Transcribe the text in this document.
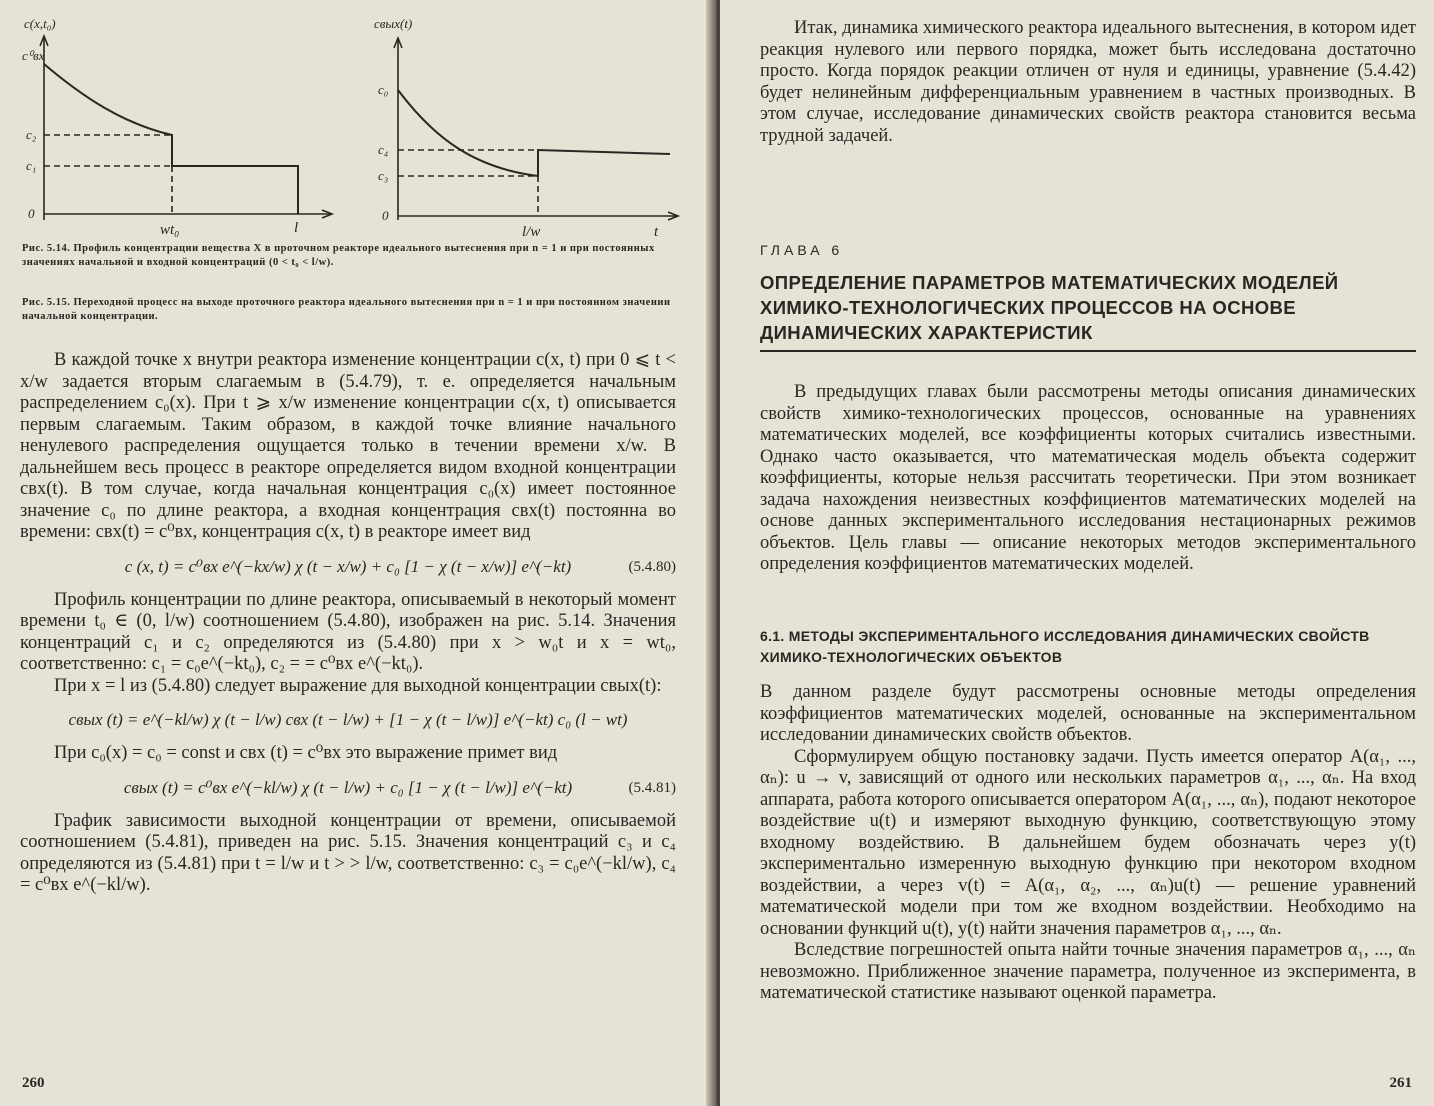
c(x,t₀)
c⁰вх
c₂
c₁
0
wt₀	l
cвых(t)
c₀
c₄
c₃
0
l/w	t

Рис. 5.14. Профиль концентрации вещества X в проточном реакторе идеального вытеснения при n = 1 и при постоянных значениях начальной и входной концентраций (0 < t₀ < l/w).

Рис. 5.15. Переходной процесс на выходе проточного реактора идеального вытеснения при n = 1 и при постоянном значении начальной концентрации.

В каждой точке x внутри реактора изменение концентрации c(x, t) при 0 ⩽ t < x/w задается вторым слагаемым в (5.4.79), т. е. определяется начальным распределением c₀(x). При t ⩾ x/w изменение концентрации c(x, t) описывается первым слагаемым. Таким образом, в каждой точке влияние начального ненулевого распределения ощущается только в течении времени x/w. В дальнейшем весь процесс в реакторе определяется видом входной концентрации cвх(t). В том случае, когда начальная концентрация c₀(x) имеет постоянное значение c₀ по длине реактора, а входная концентрация cвх(t) постоянна во времени: cвх(t) = c⁰вх, концентрация c(x, t) в реакторе имеет вид

c (x, t) = c⁰вх e^(−kx/w) χ (t − x/w) + c₀ [1 − χ (t − x/w)] e^(−kt)	(5.4.80)

Профиль концентрации по длине реактора, описываемый в некоторый момент времени t₀ ∈ (0, l/w) соотношением (5.4.80), изображен на рис. 5.14. Значения концентраций c₁ и c₂ определяются из (5.4.80) при x > w₀t и x = wt₀, соответственно: c₁ = c₀e^(−kt₀), c₂ = = c⁰вх e^(−kt₀).

При x = l из (5.4.80) следует выражение для выходной концентрации cвых(t):

cвых (t) = e^(−kl/w) χ (t − l/w) cвх (t − l/w) + [1 − χ (t − l/w)] e^(−kt) c₀ (l − wt)

При c₀(x) = c₀ = const и cвх (t) = c⁰вх это выражение примет вид

cвых (t) = c⁰вх e^(−kl/w) χ (t − l/w) + c₀ [1 − χ (t − l/w)] e^(−kt)	(5.4.81)

График зависимости выходной концентрации от времени, описываемой соотношением (5.4.81), приведен на рис. 5.15. Значения концентраций c₃ и c₄ определяются из (5.4.81) при t = l/w и t > > l/w, соответственно: c₃ = c₀e^(−kl/w), c₄ = c⁰вх e^(−kl/w).

260

Итак, динамика химического реактора идеального вытеснения, в котором идет реакция нулевого или первого порядка, может быть исследована достаточно просто. Когда порядок реакции отличен от нуля и единицы, уравнение (5.4.42) будет нелинейным дифференциальным уравнением в частных производных. В этом случае, исследование динамических свойств реактора становится весьма трудной задачей.

ГЛАВА 6
ОПРЕДЕЛЕНИЕ ПАРАМЕТРОВ МАТЕМАТИЧЕСКИХ МОДЕЛЕЙ ХИМИКО-ТЕХНОЛОГИЧЕСКИХ ПРОЦЕССОВ НА ОСНОВЕ ДИНАМИЧЕСКИХ ХАРАКТЕРИСТИК

В предыдущих главах были рассмотрены методы описания динамических свойств химико-технологических процессов, основанные на уравнениях математических моделей, все коэффициенты которых считались известными. Однако часто оказывается, что математическая модель объекта содержит коэффициенты, которые нельзя рассчитать теоретически. При этом возникает задача нахождения неизвестных коэффициентов математических моделей на основе данных экспериментального исследования нестационарных режимов объектов. Цель главы — описание некоторых методов экспериментального определения коэффициентов математических моделей.

6.1. МЕТОДЫ ЭКСПЕРИМЕНТАЛЬНОГО ИССЛЕДОВАНИЯ ДИНАМИЧЕСКИХ СВОЙСТВ ХИМИКО-ТЕХНОЛОГИЧЕСКИХ ОБЪЕКТОВ

В данном разделе будут рассмотрены основные методы определения коэффициентов математических моделей, основанные на экспериментальном исследовании динамических свойств объектов.

Сформулируем общую постановку задачи. Пусть имеется оператор A(α₁, ..., αₙ): u → v, зависящий от одного или нескольких параметров α₁, ..., αₙ. На вход аппарата, работа которого описывается оператором A(α₁, ..., αₙ), подают некоторое воздействие u(t) и измеряют выходную функцию, соответствующую этому входному воздействию. В дальнейшем будем обозначать через y(t) экспериментально измеренную выходную функцию при некотором входном воздействии, а через v(t) = A(α₁, α₂, ..., αₙ)u(t) — решение уравнений математической модели при том же входном воздействии. Необходимо на основании функций u(t), y(t) найти значения параметров α₁, ..., αₙ.

Вследствие погрешностей опыта найти точные значения параметров α₁, ..., αₙ невозможно. Приближенное значение параметра, полученное из эксперимента, в математической статистике называют оценкой параметра.

261
